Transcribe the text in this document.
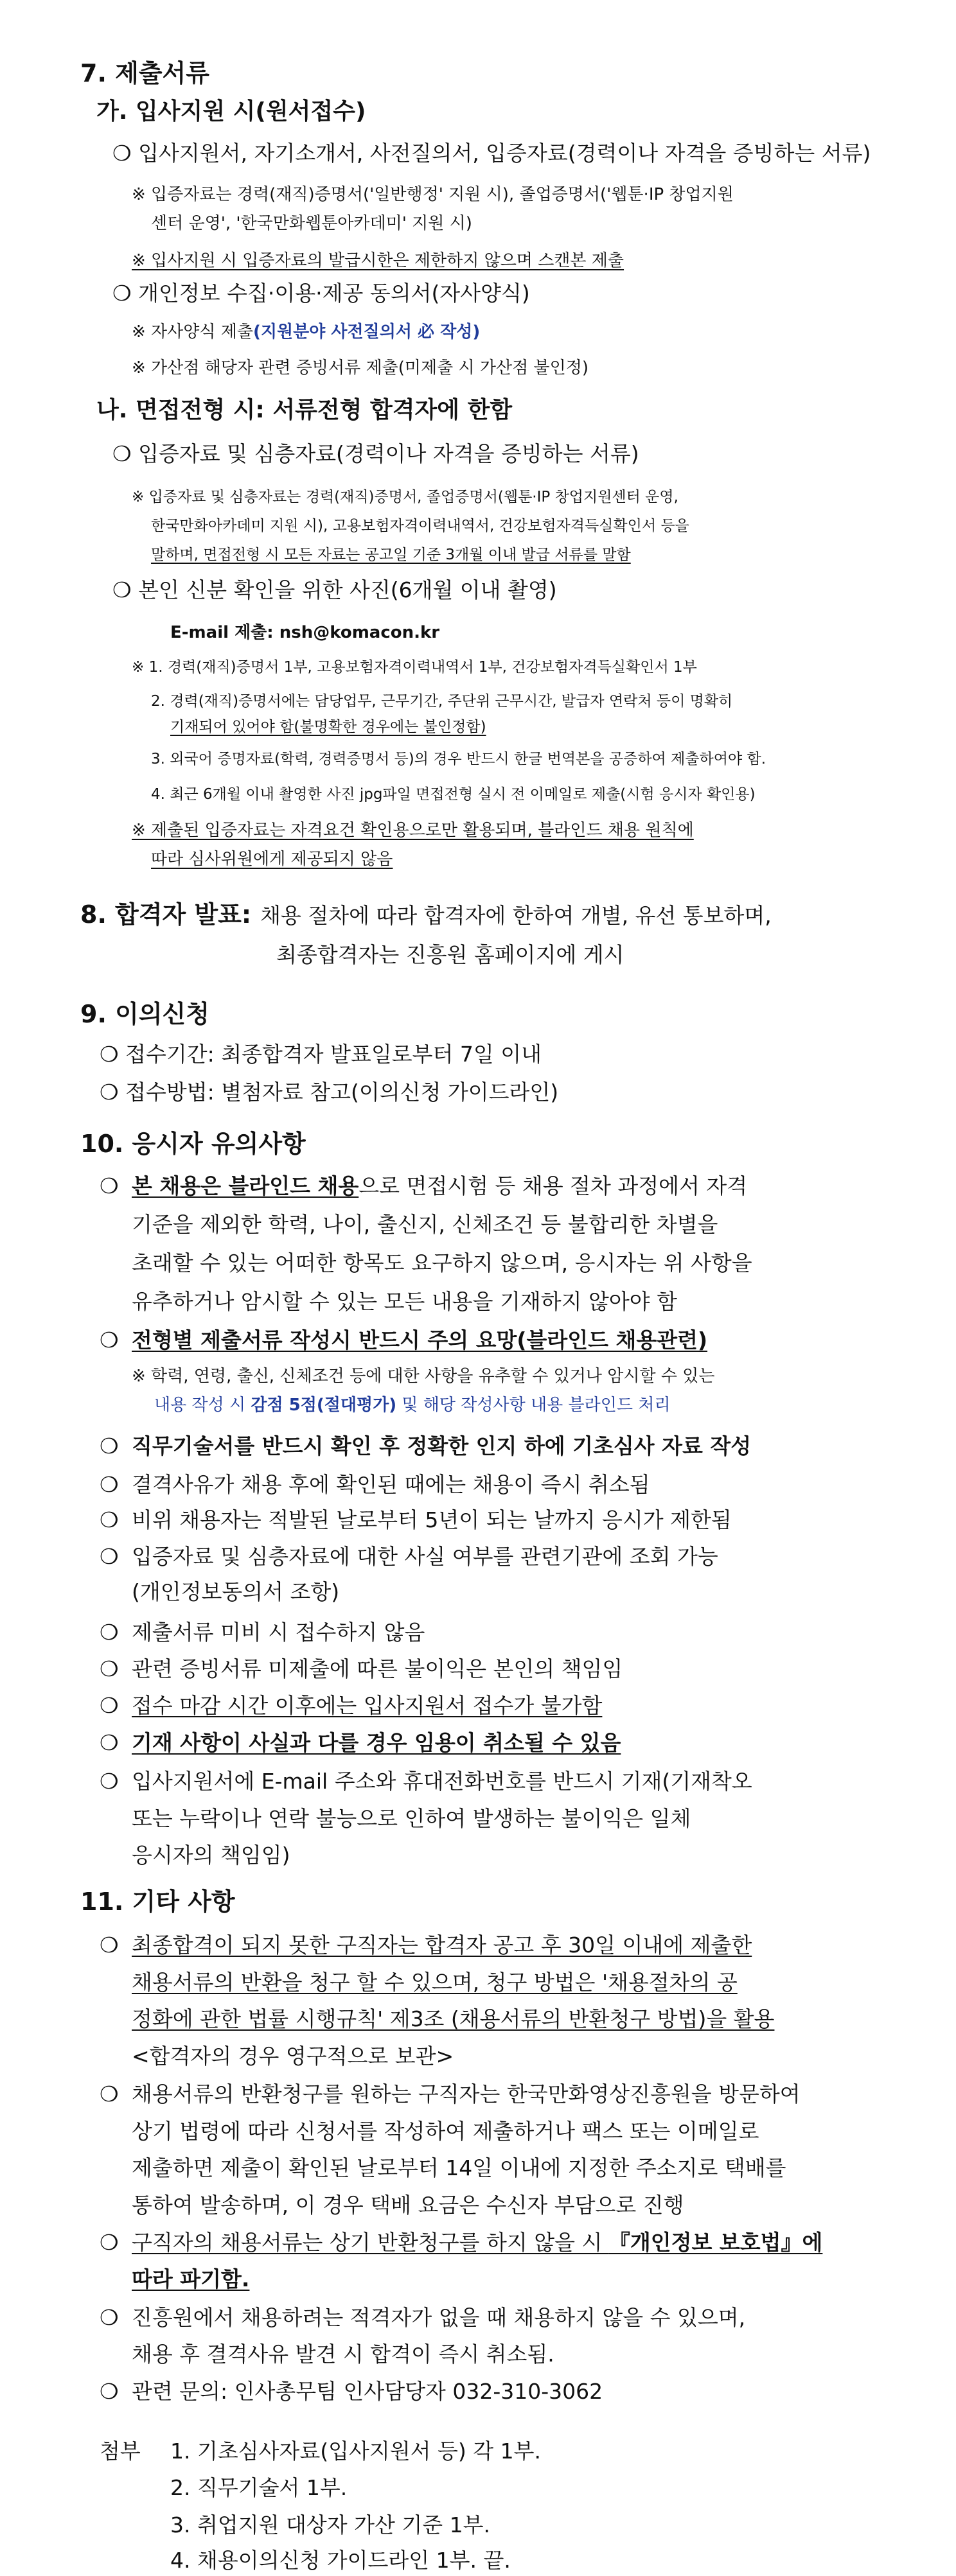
7. 제출서류
가. 입사지원 시(원서접수)
❍ 입사지원서, 자기소개서, 사전질의서, 입증자료(경력이나 자격을 증빙하는 서류)
※ 입증자료는 경력(재직)증명서('일반행정' 지원 시), 졸업증명서('웹툰·IP 창업지원
센터 운영', '한국만화웹툰아카데미' 지원 시)
※ 입사지원 시 입증자료의 발급시한은 제한하지 않으며 스캔본 제출
❍ 개인정보 수집·이용·제공 동의서(자사양식)
※ 자사양식 제출(지원분야 사전질의서 必 작성)
※ 가산점 해당자 관련 증빙서류 제출(미제출 시 가산점 불인정)
나. 면접전형 시: 서류전형 합격자에 한함
❍ 입증자료 및 심층자료(경력이나 자격을 증빙하는 서류)
※ 입증자료 및 심층자료는 경력(재직)증명서, 졸업증명서(웹툰·IP 창업지원센터 운영,
한국만화아카데미 지원 시), 고용보험자격이력내역서, 건강보험자격득실확인서 등을
말하며, 면접전형 시 모든 자료는 공고일 기준 3개월 이내 발급 서류를 말함
❍ 본인 신분 확인을 위한 사진(6개월 이내 촬영)
E-mail 제출: nsh@komacon.kr
※ 1. 경력(재직)증명서 1부, 고용보험자격이력내역서 1부, 건강보험자격득실확인서 1부
2. 경력(재직)증명서에는 담당업무, 근무기간, 주단위 근무시간, 발급자 연락처 등이 명확히
기재되어 있어야 함(불명확한 경우에는 불인정함)
3. 외국어 증명자료(학력, 경력증명서 등)의 경우 반드시 한글 번역본을 공증하여 제출하여야 함.
4. 최근 6개월 이내 촬영한 사진 jpg파일 면접전형 실시 전 이메일로 제출(시험 응시자 확인용)
※ 제출된 입증자료는 자격요건 확인용으로만 활용되며, 블라인드 채용 원칙에
따라 심사위원에게 제공되지 않음
8. 합격자 발표: 채용 절차에 따라 합격자에 한하여 개별, 유선 통보하며,
최종합격자는 진흥원 홈페이지에 게시
9. 이의신청
❍ 접수기간: 최종합격자 발표일로부터 7일 이내
❍ 접수방법: 별첨자료 참고(이의신청 가이드라인)
10. 응시자 유의사항
❍ 본 채용은 블라인드 채용으로 면접시험 등 채용 절차 과정에서 자격
기준을 제외한 학력, 나이, 출신지, 신체조건 등 불합리한 차별을
초래할 수 있는 어떠한 항목도 요구하지 않으며, 응시자는 위 사항을
유추하거나 암시할 수 있는 모든 내용을 기재하지 않아야 함
❍ 전형별 제출서류 작성시 반드시 주의 요망(블라인드 채용관련)
※ 학력, 연령, 출신, 신체조건 등에 대한 사항을 유추할 수 있거나 암시할 수 있는
내용 작성 시 감점 5점(절대평가) 및 해당 작성사항 내용 블라인드 처리
❍ 직무기술서를 반드시 확인 후 정확한 인지 하에 기초심사 자료 작성
❍ 결격사유가 채용 후에 확인된 때에는 채용이 즉시 취소됨
❍ 비위 채용자는 적발된 날로부터 5년이 되는 날까지 응시가 제한됨
❍ 입증자료 및 심층자료에 대한 사실 여부를 관련기관에 조회 가능
(개인정보동의서 조항)
❍ 제출서류 미비 시 접수하지 않음
❍ 관련 증빙서류 미제출에 따른 불이익은 본인의 책임임
❍ 접수 마감 시간 이후에는 입사지원서 접수가 불가함
❍ 기재 사항이 사실과 다를 경우 임용이 취소될 수 있음
❍ 입사지원서에 E-mail 주소와 휴대전화번호를 반드시 기재(기재착오
또는 누락이나 연락 불능으로 인하여 발생하는 불이익은 일체
응시자의 책임임)
11. 기타 사항
❍ 최종합격이 되지 못한 구직자는 합격자 공고 후 30일 이내에 제출한
채용서류의 반환을 청구 할 수 있으며, 청구 방법은 '채용절차의 공
정화에 관한 법률 시행규칙' 제3조 (채용서류의 반환청구 방법)을 활용
<합격자의 경우 영구적으로 보관>
❍ 채용서류의 반환청구를 원하는 구직자는 한국만화영상진흥원을 방문하여
상기 법령에 따라 신청서를 작성하여 제출하거나 팩스 또는 이메일로
제출하면 제출이 확인된 날로부터 14일 이내에 지정한 주소지로 택배를
통하여 발송하며, 이 경우 택배 요금은 수신자 부담으로 진행
❍ 구직자의 채용서류는 상기 반환청구를 하지 않을 시 『개인정보 보호법』에
따라 파기함.
❍ 진흥원에서 채용하려는 적격자가 없을 때 채용하지 않을 수 있으며,
채용 후 결격사유 발견 시 합격이 즉시 취소됨.
❍ 관련 문의: 인사총무팀 인사담당자 032-310-3062
첨부 1. 기초심사자료(입사지원서 등) 각 1부.
2. 직무기술서 1부.
3. 취업지원 대상자 가산 기준 1부.
4. 채용이의신청 가이드라인 1부. 끝.
